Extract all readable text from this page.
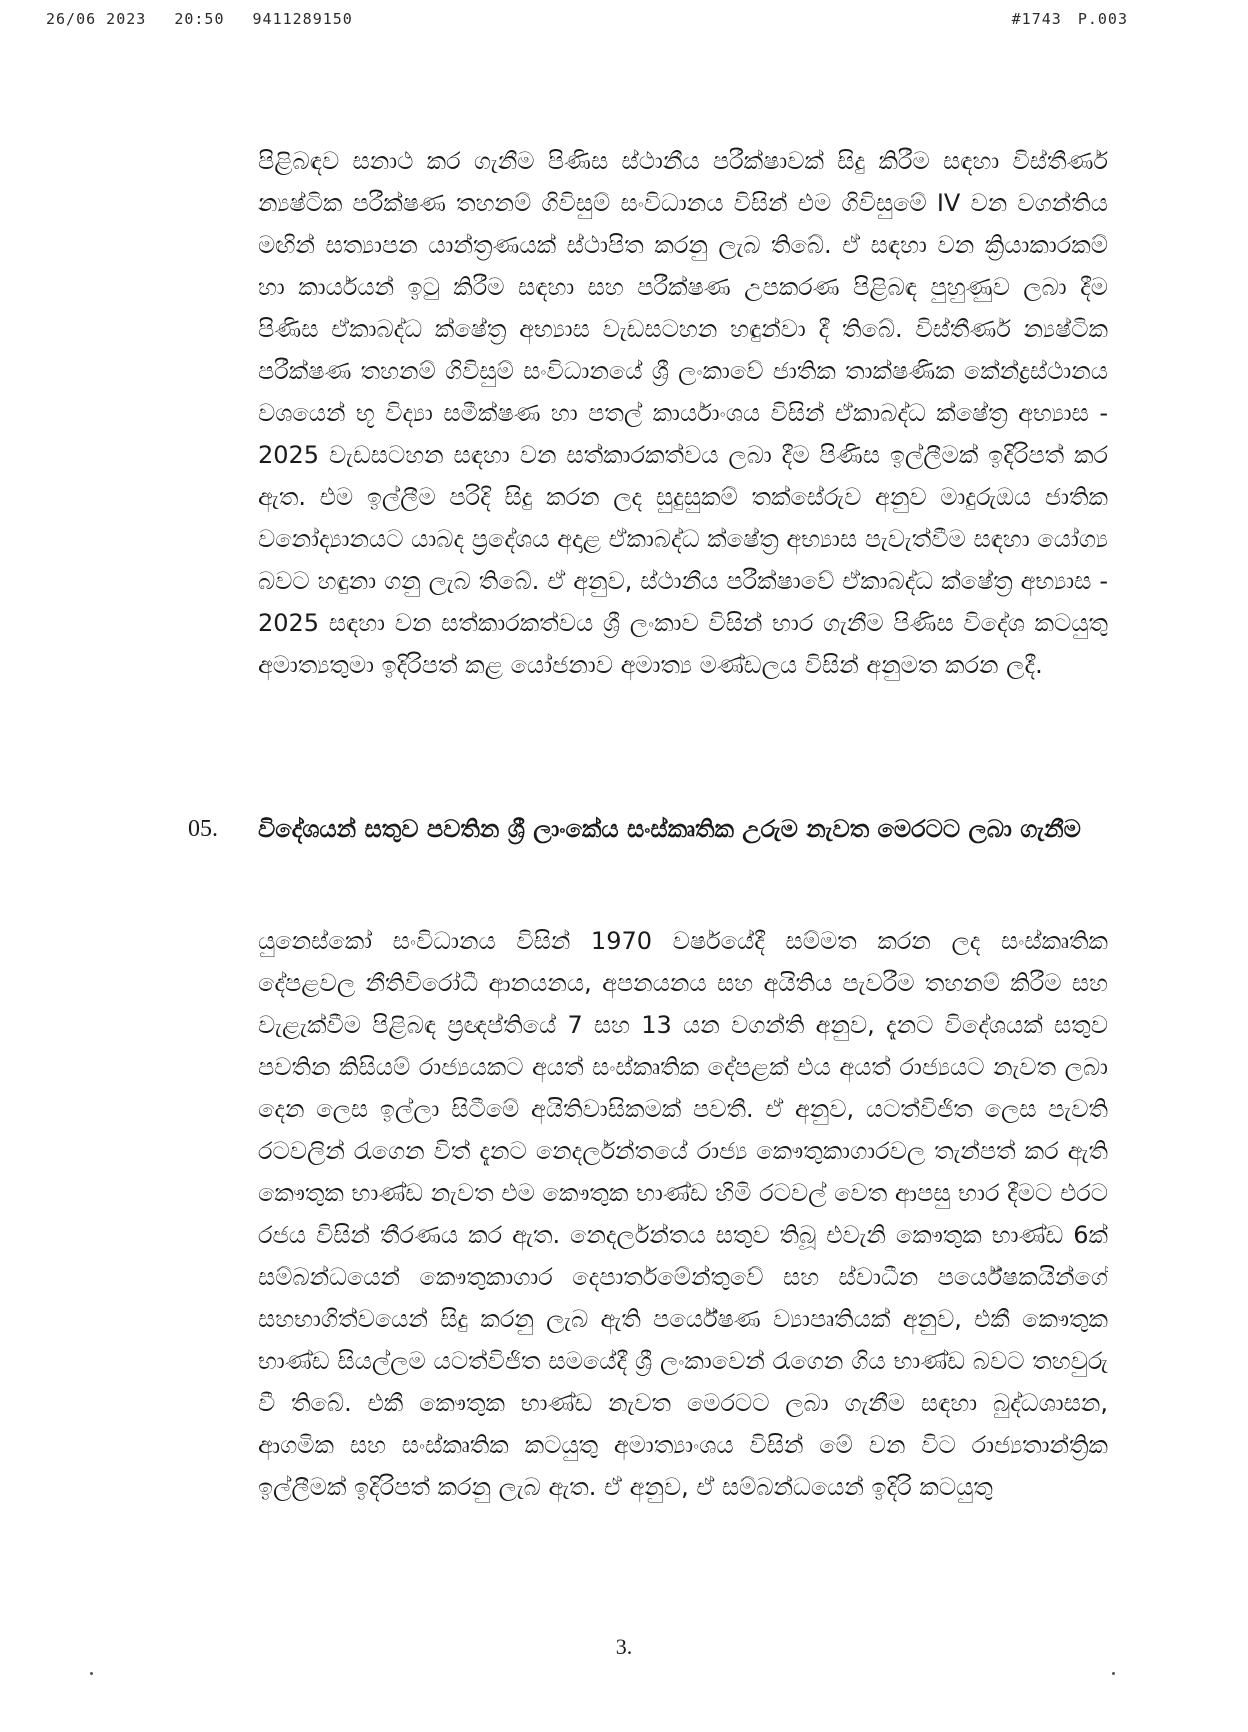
26/06 2023 20:50 9411289150	#1743 P.003

පිළිබඳව සනාථ කර ගැනීම පිණිස ස්ථානීය පරීක්ෂාවක් සිදු කිරීම සඳහා විස්තීර්ණ න්‍යෂ්ටික පරීක්ෂණ තහනම් ගිවිසුම් සංවිධානය විසින් එම ගිවිසුමේ IV වන වගන්තිය මඟින් සත්‍යාපන යාන්ත්‍රණයක් ස්ථාපිත කරනු ලැබ තිබේ. ඒ සඳහා වන ක්‍රියාකාරකම් හා කාර්යයන් ඉටු කිරීම සඳහා සහ පරීක්ෂණ උපකරණ පිළිබඳ පුහුණුව ලබා දීම පිණිස ඒකාබද්ධ ක්ෂේත්‍ර අභ්‍යාස වැඩසටහන හඳුන්වා දී තිබේ. විස්තීර්ණ න්‍යෂ්ටික පරීක්ෂණ තහනම් ගිවිසුම් සංවිධානයේ ශ්‍රී ලංකාවේ ජාතික තාක්ෂණික කේන්ද්‍රස්ථානය වශයෙන් භූ විද්‍යා සමීක්ෂණ හා පතල් කාර්යාංශය විසින් ඒකාබද්ධ ක්ෂේත්‍ර අභ්‍යාස - 2025 වැඩසටහන සඳහා වන සත්කාරකත්වය ලබා දීම පිණිස ඉල්ලීමක් ඉදිරිපත් කර ඇත. එම ඉල්ලීම පරිදි සිදු කරන ලද සුදුසුකම් තක්සේරුව අනුව මාදුරුඔය ජාතික වනෝද්‍යානයට යාබද ප්‍රදේශය අදාළ ඒකාබද්ධ ක්ෂේත්‍ර අභ්‍යාස පැවැත්වීම සඳහා යෝග්‍ය බවට හඳුනා ගනු ලැබ තිබේ. ඒ අනුව, ස්ථානීය පරීක්ෂාවේ ඒකාබද්ධ ක්ෂේත්‍ර අභ්‍යාස - 2025 සඳහා වන සත්කාරකත්වය ශ්‍රී ලංකාව විසින් භාර ගැනීම පිණිස විදේශ කටයුතු අමාත්‍යතුමා ඉදිරිපත් කළ යෝජනාව අමාත්‍ය මණ්ඩලය විසින් අනුමත කරන ලදී.

05. විදේශයන් සතුව පවතින ශ්‍රී ලාංකේය සංස්කෘතික උරුම නැවත මෙරටට ලබා ගැනීම

යුනෙස්කෝ සංවිධානය විසින් 1970 වර්ෂයේදී සම්මත කරන ලද සංස්කෘතික දේපළවල නීතිවිරෝධී ආනයනය, අපනයනය සහ අයිතිය පැවරීම තහනම් කිරීම සහ වැළැක්වීම පිළිබඳ ප්‍රඥප්තියේ 7 සහ 13 යන වගන්ති අනුව, දැනට විදේශයක් සතුව පවතින කිසියම් රාජ්‍යයකට අයත් සංස්කෘතික දේපළක් එය අයත් රාජ්‍යයට නැවත ලබා දෙන ලෙස ඉල්ලා සිටීමේ අයිතිවාසිකමක් පවතී. ඒ අනුව, යටත්විජිත ලෙස පැවති රටවලින් රැගෙන විත් දැනට නෙදර්ලන්තයේ රාජ්‍ය කෞතුකාගාරවල තැන්පත් කර ඇති කෞතුක භාණ්ඩ නැවත එම කෞතුක භාණ්ඩ හිමි රටවල් වෙත ආපසු භාර දීමට එරට රජය විසින් තීරණය කර ඇත. නෙදර්ලන්තය සතුව තිබූ එවැනි කෞතුක භාණ්ඩ 6ක් සම්බන්ධයෙන් කෞතුකාගාර දෙපාර්තමේන්තුවේ සහ ස්වාධීන පර්යේෂකයින්ගේ සහභාගිත්වයෙන් සිදු කරනු ලැබ ඇති පර්යේෂණ ව්‍යාපෘතියක් අනුව, එකී කෞතුක භාණ්ඩ සියල්ලම යටත්විජිත සමයේදී ශ්‍රී ලංකාවෙන් රැගෙන ගිය භාණ්ඩ බවට තහවුරු වී තිබේ. එකී කෞතුක භාණ්ඩ නැවත මෙරටට ලබා ගැනීම සඳහා බුද්ධශාසන, ආගමික සහ සංස්කෘතික කටයුතු අමාත්‍යාංශය විසින් මේ වන විට රාජ්‍යතාන්ත්‍රික ඉල්ලීමක් ඉදිරිපත් කරනු ලැබ ඇත. ඒ අනුව, ඒ සම්බන්ධයෙන් ඉදිරි කටයුතු

3.
